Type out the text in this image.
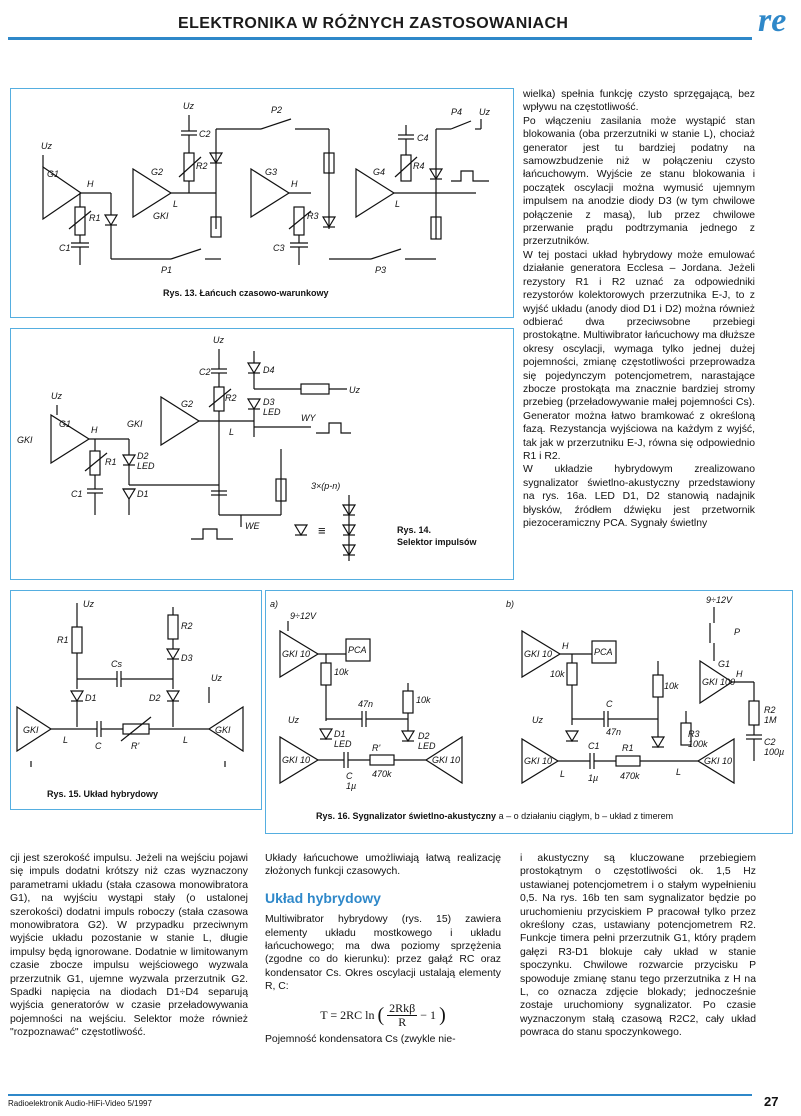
ELEKTRONIKA W RÓŻNYCH ZASTOSOWANIACH	re
Uz
G1
H
R1
C1
P1
Uz
C2
R2
G2
GKI
L
P2
G3
H
R3
C3
P3
C4
R4
G4
L
P4 Uz
Rys. 13. Łańcuch czasowo-warunkowy
Uz
C2
R2
D4
Uz
D3
LED
WY
G2
GKI
L
Uz
G1
GKI
H
R1
C1
D2
LED
D1
WE
3×(p-n)
≡	Rys. 14.
Selektor impulsów

wielka) spełnia funkcję czysto sprzęgającą, bez wpływu na częstotliwość.

Po włączeniu zasilania może wystąpić stan blokowania (oba przerzutniki w stanie L), chociaż generator jest tu bardziej podatny na samowzbudzenie niż w połączeniu czysto łańcuchowym. Wyjście ze stanu blokowania i początek oscylacji można wymusić ujemnym impulsem na anodzie diody D3 (w tym chwilowe połączenie z masą), lub przez chwilowe przerwanie prądu podtrzymania jednego z przerzutników.

W tej postaci układ hybrydowy może emulować działanie generatora Ecclesa – Jordana. Jeżeli rezystory R1 i R2 uznać za odpowiedniki rezystorów kolektorowych przerzutnika E-J, to z wyjść układu (anody diod D1 i D2) można również odbierać dwa przeciwsobne przebiegi prostokątne. Multiwibrator łańcuchowy ma dłuższe okresy oscylacji, wymaga tylko jednej dużej pojemności, zmianę częstotliwości przeprowadza się pojedynczym potencjometrem, narastające zbocze prostokąta ma znacznie bardziej stromy przebieg (przeładowywanie małej pojemności Cs). Generator można łatwo bramkować z określoną fazą. Rezystancja wyjściowa na każdym z wyjść, tak jak w przerzutniku E-J, równa się odpowiednio R1 i R2.

W układzie hybrydowym zrealizowano sygnalizator świetlno-akustyczny przedstawiony na rys. 16a. LED D1, D2 stanowią nadajnik błysków, źródłem dźwięku jest przetwornik piezoceramiczny PCA. Sygnały świetlny

Uz
R1
R2
D3
Cs
D1	D2
Uz
GKI
L
C	R'
L
GKI
Rys. 15. Układ hybrydowy
a)
9÷12V
GKI 10	PCA
10k
10k
47n
Uz
D1
LED
D2
LED
GKI 10
C
1µ
R'
470k
GKI 10
b)	9÷12V
P
GKI 10
H
PCA
10k
G1
GKI 100
H
R2
1M
C2
100µ
10k
C
47n	R3
100k
Uz
GKI 10
L
C1
1µ
R1
470k	L
GKI 10
Rys. 16. Sygnalizator świetlno-akustyczny a – o działaniu ciągłym, b – układ z timerem

cji jest szerokość impulsu. Jeżeli na wejściu pojawi się impuls dodatni krótszy niż czas wyznaczony parametrami układu (stała czasowa monowibratora G1), na wyjściu wystąpi stały (o ustalonej szerokości) dodatni impuls roboczy (stała czasowa monowibratora G2). W przypadku przeciwnym wyjście układu pozostanie w stanie L, długie impulsy będą ignorowane. Dodatnie w limitowanym czasie zbocze impulsu wejściowego wyzwala przerzutnik G1, ujemne wyzwala przerzutnik G2. Spadki napięcia na diodach D1÷D4 separują wyjścia generatorów w czasie przeładowywania pojemności na wejściu. Selektor może również "rozpoznawać" częstotliwość.

Układy łańcuchowe umożliwiają łatwą realizację złożonych funkcji czasowych.

Układ hybrydowy

Multiwibrator hybrydowy (rys. 15) zawiera elementy układu mostkowego i układu łańcuchowego; ma dwa poziomy sprzężenia (zgodne co do kierunku): przez gałąź RC oraz kondensator Cs. Okres oscylacji ustalają elementy R, C:

T = 2RC ln ( 2Rkβ
R
− 1 )

Pojemność kondensatora Cs (zwykle nie-

i akustyczny są kluczowane przebiegiem prostokątnym o częstotliwości ok. 1,5 Hz ustawianej potencjometrem i o stałym wypełnieniu 0,5. Na rys. 16b ten sam sygnalizator będzie po uruchomieniu przyciskiem P pracował tylko przez określony czas, ustawiany potencjometrem R2. Funkcje timera pełni przerzutnik G1, który prądem gałęzi R3-D1 blokuje cały układ w stanie spoczynku. Chwilowe rozwarcie przycisku P spowoduje zmianę stanu tego przerzutnika z H na L, co oznacza zdjęcie blokady; jednocześnie zostaje uruchomiony sygnalizator. Po czasie wyznaczonym stałą czasową R2C2, cały układ powraca do stanu spoczynkowego.

Radioelektronik Audio-HiFi-Video 5/1997	27
